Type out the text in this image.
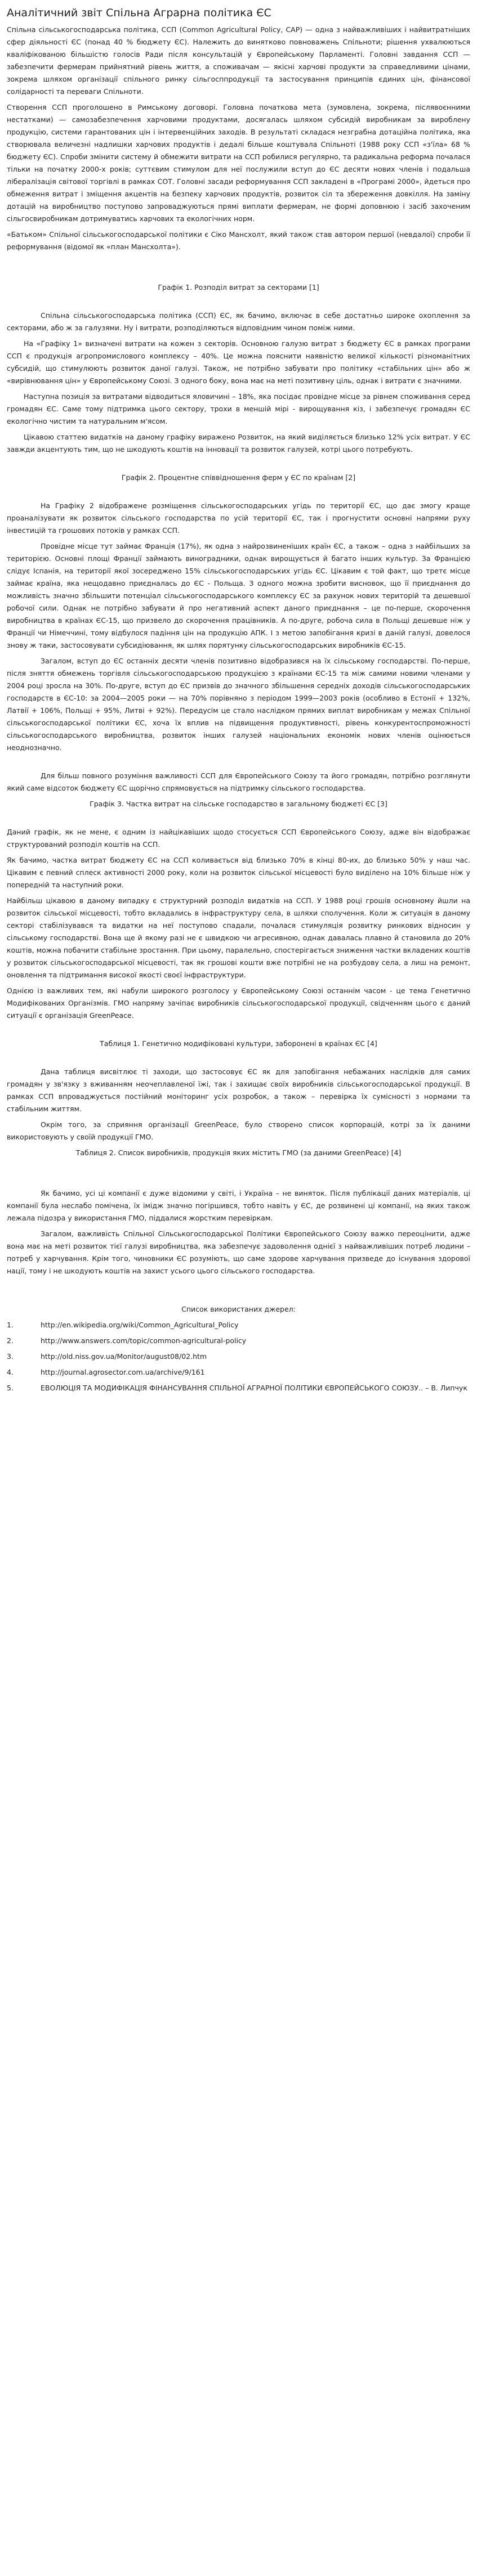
Аналітичний звіт Спільна Аграрна політика ЄС

Спільна сільськогосподарська політика, ССП (Common Agricultural Policy, CAP) — одна з найважливіших і найвитратніших сфер діяльності ЄС (понад 40 % бюджету ЄС). Належить до винятково повноважень Спільноти; рішення ухвалюються кваліфікованою більшістю голосів Ради після консультацій у Європейському Парламенті. Головні завдання ССП — забезпечити фермерам прийнятний рівень життя, а споживачам — якісні харчові продукти за справедливими цінами, зокрема шляхом організації спільного ринку сільгосппродукції та застосування принципів єдиних цін, фінансової солідарності та переваги Спільноти.

Створення ССП проголошено в Римському договорі. Головна початкова мета (зумовлена, зокрема, післявоєнними нестатками) — самозабезпечення харчовими продуктами, досягалась шляхом субсидій виробникам за вироблену продукцію, системи гарантованих цін і інтервенційних заходів. В результаті складася незграбна дотаційна політика, яка створювала величезні надлишки харчових продуктів і дедалі більше коштувала Спільноті (1988 року ССП «з'їла» 68 % бюджету ЄС). Спроби змінити систему й обмежити витрати на ССП робилися регулярно, та радикальна реформа почалася тільки на початку 2000-х років; суттєвим стимулом для неї послужили вступ до ЄС десяти нових членів і подальша лібералізація світової торгівлі в рамках СОТ. Головні засади реформування ССП закладені в «Програмі 2000», йдеться про обмеження витрат і зміщення акцентів на безпеку харчових продуктів, розвиток сіл та збереження довкілля. На заміну дотацій на виробництво поступово запроваджуються прямі виплати фермерам, не формі доповнюю і засіб захоченим сільгосвиробникам дотримуватись харчових та екологічних норм.

«Батьком» Спільної сільськогосподарської політики є Сіко Мансхолт, який також став автором першої (невдалої) спроби її реформування (відомої як «план Мансхолта»).

Графік 1. Розподіл витрат за секторами [1]

Спільна сільськогосподарська політика (ССП) ЄС, як бачимо, включає в себе достатньо широке охоплення за секторами, або ж за галузями. Ну і витрати, розподіляються відповідним чином поміж ними.

На «Графіку 1» визначені витрати на кожен з секторів. Основною галузю витрат з бюджету ЄС в рамках програми ССП є продукція агропромислового комплексу – 40%. Це можна пояснити наявністю великої кількості різноманітних субсидій, що стимулюють розвиток даної галузі. Також, не потрібно забувати про політику «стабільних цін» або ж «вирівнювання цін» у Європейському Союзі. З одного боку, вона має на меті позитивну ціль, однак і витрати є значними.

Наступна позиція за витратами відводиться яловичині – 18%, яка посідає провідне місце за рівнем споживання серед громадян ЄС. Саме тому підтримка цього сектору, трохи в меншій мірі - вирощування кіз, і забезпечує громадян ЄС екологічно чистим та натуральним м'ясом.

Цікавою статтею видатків на даному графіку виражено Розвиток, на який виділяється близько 12% усіх витрат. У ЄС завжди акцентують тим, що не шкодують коштів на інновації та розвиток галузей, котрі цього потребують.

Графік 2. Процентне співвідношення ферм у ЄС по країнам [2]

На Графіку 2 відображене розміщення сільськогосподарських угідь по території ЄС, що дає змогу краще проаналізувати як розвиток сільського господарства по усій території ЄС, так і прогнустити основні напрями руху інвестицій та грошових потоків у рамках ССП.

Провідне місце тут займає Франція (17%), як одна з найрозвиненіших країн ЄС, а також – одна з найбільших за територією. Основні площі Франції займають виноградники, однак вирощується й багато інших культур. За Францією слідує Іспанія, на території якої зосереджено 15% сільськогосподарських угідь ЄС. Цікавим є той факт, що третє місце займає країна, яка нещодавно приєдналась до ЄС - Польща. З одного можна зробити висновок, що її приєднання до можливість значно збільшити потенціал сільськогосподарського комплексу ЄС за рахунок нових територій та дешевшої робочої сили. Однак не потрібно забувати й про негативний аспект даного приєднання – це по-перше, скорочення виробництва в країнах ЄС-15, що призвело до скорочення працівників. А по-друге, робоча сила в Польщі дешевше ніж у Франції чи Німеччині, тому відбулося падіння цін на продукцію АПК. І з метою запобігання кризі в даній галузі, довелося знову ж таки, застосовувати субсидіювання, як шлях порятунку сільськогосподарських виробників ЄС-15.

Загалом, вступ до ЄС останніх десяти членів позитивно відобразився на їх сільському господарстві. По-перше, після зняття обмежень торгівля сільськогосподарською продукцією з країнами ЄС-15 та між самими новими членами у 2004 році зросла на 30%. По-друге, вступ до ЄС призвів до значного збільшення середніх доходів сільськогосподарських господарств в ЄС-10: за 2004—2005 роки — на 70% порівняно з періодом 1999—2003 років (особливо в Естонії + 132%, Латвії + 106%, Польщі + 95%, Литві + 92%). Передусім це стало наслідком прямих виплат виробникам у межах Спільної сільськогосподарської політики ЄС, хоча їх вплив на підвищення продуктивності, рівень конкурентоспроможності сільськогосподарського виробництва, розвиток інших галузей національних економік нових членів оцінюється неоднозначно.

Для більш повного розуміння важливості ССП для Європейського Союзу та його громадян, потрібно розглянути який саме відсоток бюджету ЄС щорічно спрямовується на підтримку сільського господарства.

Графік 3. Частка витрат на сільське господарство в загальному бюджеті ЄС [3]

Даний графік, як не мене, є одним із найцікавіших щодо стосується ССП Європейського Союзу, адже він відображає структурований розподіл коштів на ССП.

Як бачимо, частка витрат бюджету ЄС на ССП коливається від близько 70% в кінці 80-их, до близько 50% у наш час. Цікавим є певний сплеск активності 2000 року, коли на розвиток сільської місцевості було виділено на 10% більше ніж у попередній та наступний роки.

Найбільш цікавою в даному випадку є структурний розподіл видатків на ССП. У 1988 році грошів основному йшли на розвиток сільської місцевості, тобто вкладались в інфраструктуру села, в шляхи сполучення. Коли ж ситуація в даному секторі стабілізувався та видатки на неї поступово спадали, почалася стимуляція розвитку ринкових відносин у сільському господарстві. Вона ще й якому разі не є швидкою чи агресивною, однак давалась плавно й становила до 20% коштів, можна побачити стабільне зростання. При цьому, паралельно, спостерігається зниження частки вкладених коштів у розвиток сільськогосподарської місцевості, так як грошові кошти вже потрібні не на розбудову села, а лиш на ремонт, оновлення та підтримання високої якості своєї інфраструктури.

Однією із важливих тем, які набули широкого розголосу у Європейському Союзі останнім часом - це тема Генетично Модифікованих Організмів. ГМО напряму зачіпає виробників сільськогосподарської продукції, свідченням цього є даний ситуації є організація GreenPeace.

Таблиця 1. Генетично модифіковані культури, заборонені в країнах ЄС [4]

Дана таблиця висвітлює ті заходи, що застосовує ЄС як для запобігання небажаних наслідків для самих громадян у зв'язку з вживанням неочеплавленої їжі, так і захищає своїх виробників сільськогосподарської продукції. В рамках ССП впроваджується постійний моніторинг усіх розробок, а також – перевірка їх сумісності з нормами та стабільним життям.

Окрім того, за сприяння організації GreenPeace, було створено список корпорацій, котрі за їх даними використовують у своїй продукції ГМО.

Таблиця 2. Список виробників, продукція яких містить ГМО (за даними GreenPeace) [4]

Як бачимо, усі ці компанії є дуже відомими у світі, і Україна – не виняток. Після публікації даних матеріалів, ці компанії була неслабо помічена, їх імідж значно погіршився, тобто навіть у ЄС, де розвинені ці компанії, на яких також лежала підозра у використання ГМО, піддалися жорстким перевіркам.

Загалом, важливість Спільної Сільськогосподарської Політики Європейського Союзу важко переоцінити, адже вона має на меті розвиток тієї галузі виробництва, яка забезпечує задоволення однієї з найважливіших потреб людини – потреб у харчування. Крім того, чиновники ЄС розуміють, що саме здорове харчування призведе до існування здорової нації, тому і не шкодують коштів на захист усього цього сільського господарства.

Список використаних джерел:

1.	http://en.wikipedia.org/wiki/Common_Agricultural_Policy
2.	http://www.answers.com/topic/common-agricultural-policy
3.	http://old.niss.gov.ua/Monitor/august08/02.htm
4.	http://journal.agrosector.com.ua/archive/9/161
5.	ЕВОЛЮЦІЯ ТА МОДИФІКАЦІЯ ФІНАНСУВАННЯ СПІЛЬНОЇ АГРАРНОЇ ПОЛІТИКИ ЄВРОПЕЙСЬКОГО СОЮЗУ.. – В. Липчук
